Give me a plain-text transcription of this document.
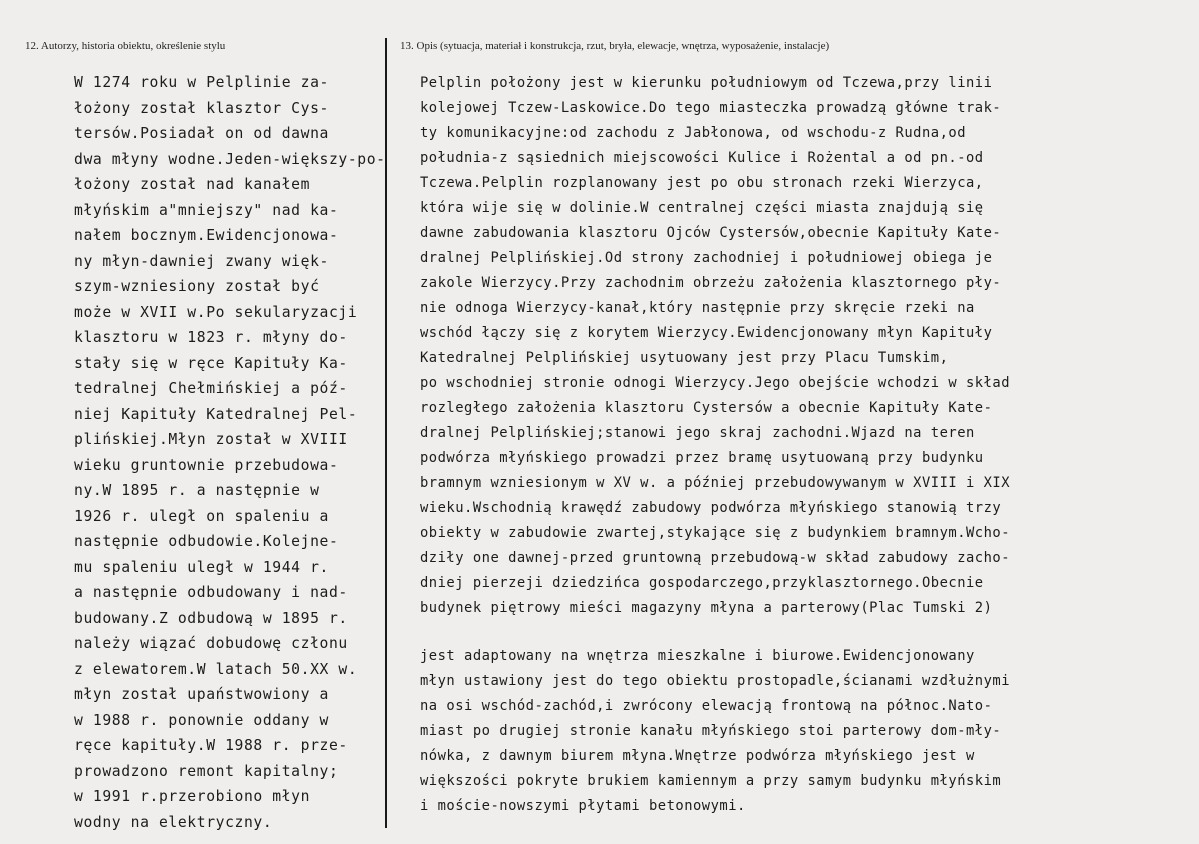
12. Autorzy, historia obiektu, określenie stylu	13. Opis (sytuacja, materiał i konstrukcja, rzut, bryła, elewacje, wnętrza, wyposażenie, instalacje)
W 1274 roku w Pelplinie za-
łożony został klasztor Cys-
tersów.Posiadał on od dawna
dwa młyny wodne.Jeden-większy-po-
łożony został nad kanałem
młyńskim a"mniejszy" nad ka-
nałem bocznym.Ewidencjonowa-
ny młyn-dawniej zwany więk-
szym-wzniesiony został być
może w XVII w.Po sekularyzacji
klasztoru w 1823 r. młyny do-
stały się w ręce Kapituły Ka-
tedralnej Chełmińskiej a póź-
niej Kapituły Katedralnej Pel-
plińskiej.Młyn został w XVIII
wieku gruntownie przebudowa-
ny.W 1895 r. a następnie w
1926 r. uległ on spaleniu a
następnie odbudowie.Kolejne-
mu spaleniu uległ w 1944 r.
a następnie odbudowany i nad-
budowany.Z odbudową w 1895 r.
należy wiązać dobudowę członu
z elewatorem.W latach 50.XX w.
młyn został upaństwowiony a
w 1988 r. ponownie oddany w
ręce kapituły.W 1988 r. prze-
prowadzono remont kapitalny;
w 1991 r.przerobiono młyn
wodny na elektryczny.
Pelplin położony jest w kierunku południowym od Tczewa,przy linii
kolejowej Tczew-Laskowice.Do tego miasteczka prowadzą główne trak-
ty komunikacyjne:od zachodu z Jabłonowa, od wschodu-z Rudna,od
południa-z sąsiednich miejscowości Kulice i Rożental a od pn.-od
Tczewa.Pelplin rozplanowany jest po obu stronach rzeki Wierzyca,
która wije się w dolinie.W centralnej części miasta znajdują się
dawne zabudowania klasztoru Ojców Cystersów,obecnie Kapituły Kate-
dralnej Pelplińskiej.Od strony zachodniej i południowej obiega je
zakole Wierzycy.Przy zachodnim obrzeżu założenia klasztornego pły-
nie odnoga Wierzycy-kanał,który następnie przy skręcie rzeki na
wschód łączy się z korytem Wierzycy.Ewidencjonowany młyn Kapituły
Katedralnej Pelplińskiej usytuowany jest przy Placu Tumskim,
po wschodniej stronie odnogi Wierzycy.Jego obejście wchodzi w skład
rozległego założenia klasztoru Cystersów a obecnie Kapituły Kate-
dralnej Pelplińskiej;stanowi jego skraj zachodni.Wjazd na teren
podwórza młyńskiego prowadzi przez bramę usytuowaną przy budynku
bramnym wzniesionym w XV w. a później przebudowywanym w XVIII i XIX
wieku.Wschodnią krawędź zabudowy podwórza młyńskiego stanowią trzy
obiekty w zabudowie zwartej,stykające się z budynkiem bramnym.Wcho-
dziły one dawnej-przed gruntowną przebudową-w skład zabudowy zacho-
dniej pierzeji dziedzińca gospodarczego,przyklasztornego.Obecnie
budynek piętrowy mieści magazyny młyna a parterowy(Plac Tumski 2)
jest adaptowany na wnętrza mieszkalne i biurowe.Ewidencjonowany
młyn ustawiony jest do tego obiektu prostopadle,ścianami wzdłużnymi
na osi wschód-zachód,i zwrócony elewacją frontową na północ.Nato-
miast po drugiej stronie kanału młyńskiego stoi parterowy dom-mły-
nówka, z dawnym biurem młyna.Wnętrze podwórza młyńskiego jest w
większości pokryte brukiem kamiennym a przy samym budynku młyńskim
i moście-nowszymi płytami betonowymi.
